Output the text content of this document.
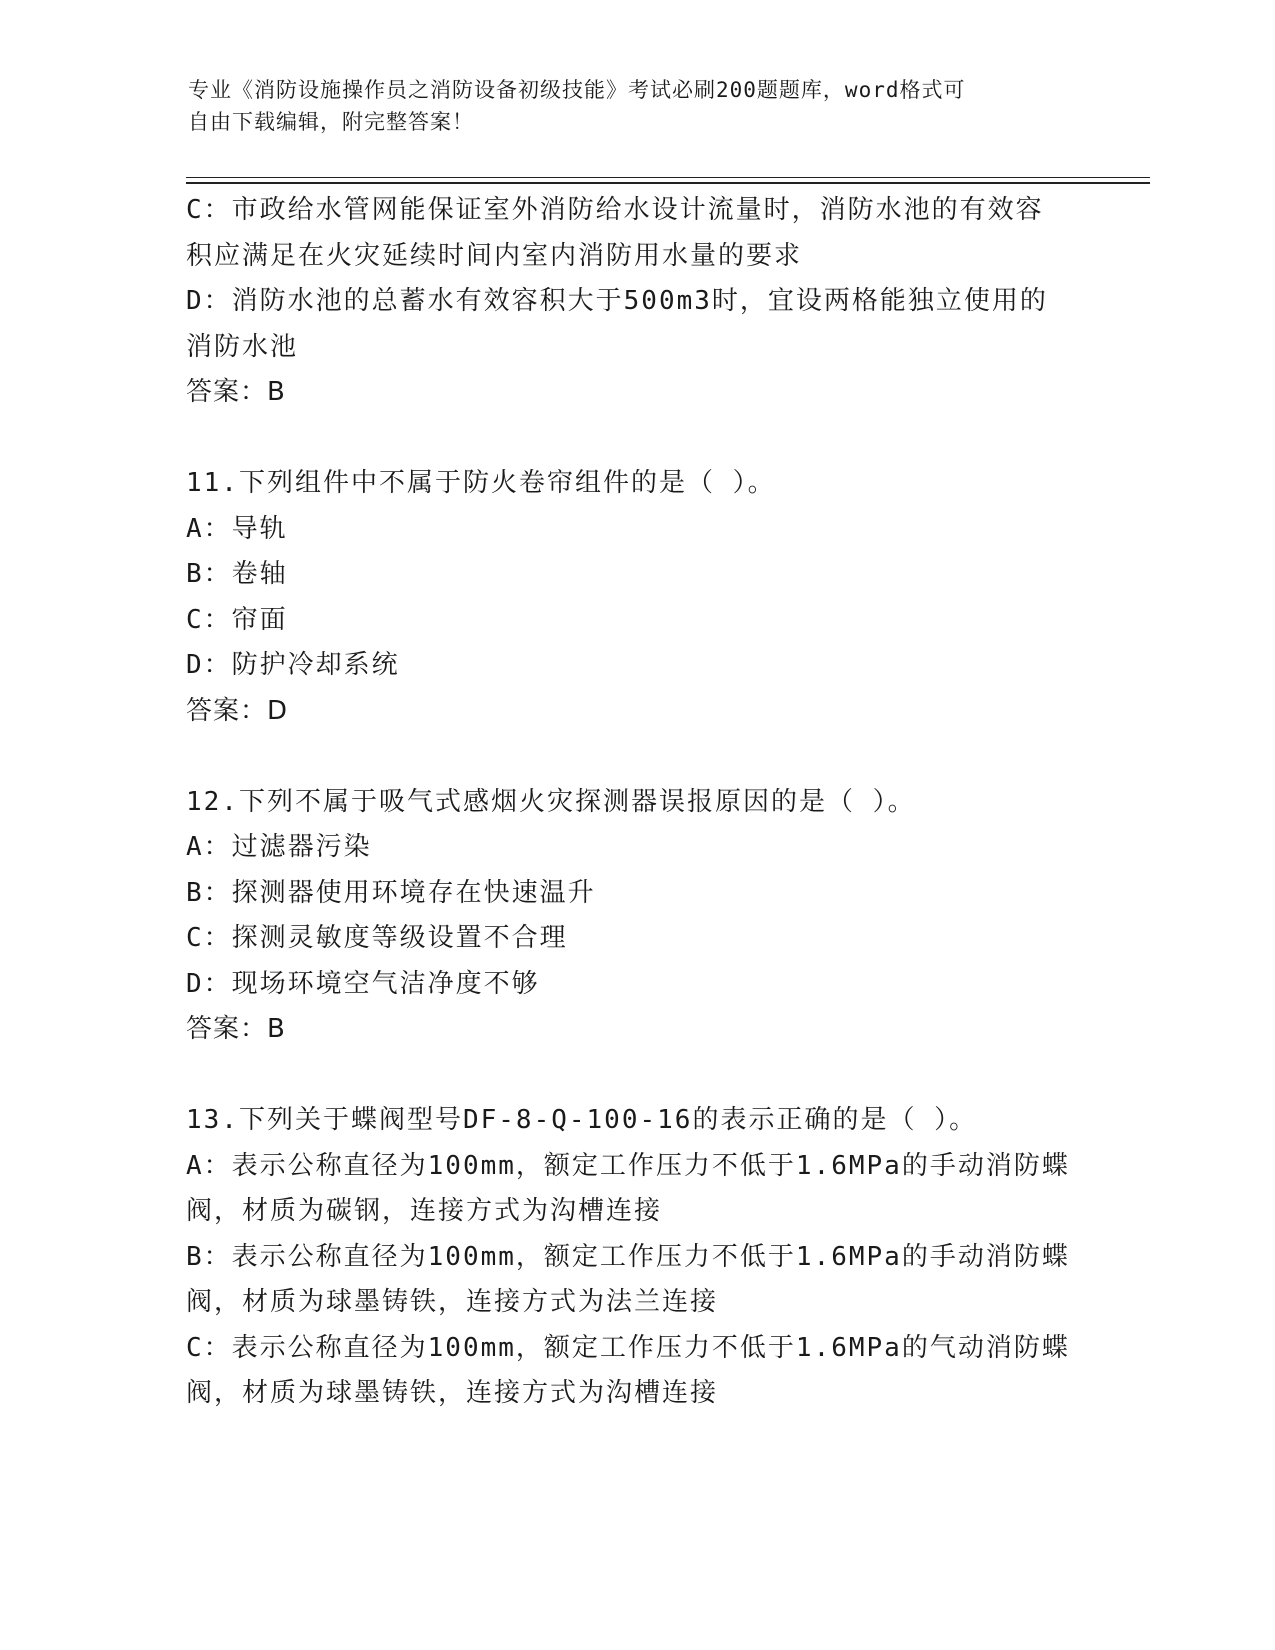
专业《消防设施操作员之消防设备初级技能》考试必刷200题题库，word格式可
自由下载编辑，附完整答案！
C：市政给水管网能保证室外消防给水设计流量时，消防水池的有效容
积应满足在火灾延续时间内室内消防用水量的要求
D：消防水池的总蓄水有效容积大于500m3时，宜设两格能独立使用的
消防水池
答案：B
11.下列组件中不属于防火卷帘组件的是（ ）。
A：导轨
B：卷轴
C：帘面
D：防护冷却系统
答案：D
12.下列不属于吸气式感烟火灾探测器误报原因的是（ ）。
A：过滤器污染
B：探测器使用环境存在快速温升
C：探测灵敏度等级设置不合理
D：现场环境空气洁净度不够
答案：B
13.下列关于蝶阀型号DF-8-Q-100-16的表示正确的是（ ）。
A：表示公称直径为100mm，额定工作压力不低于1.6MPa的手动消防蝶
阀，材质为碳钢，连接方式为沟槽连接
B：表示公称直径为100mm，额定工作压力不低于1.6MPa的手动消防蝶
阀，材质为球墨铸铁，连接方式为法兰连接
C：表示公称直径为100mm，额定工作压力不低于1.6MPa的气动消防蝶
阀，材质为球墨铸铁，连接方式为沟槽连接
